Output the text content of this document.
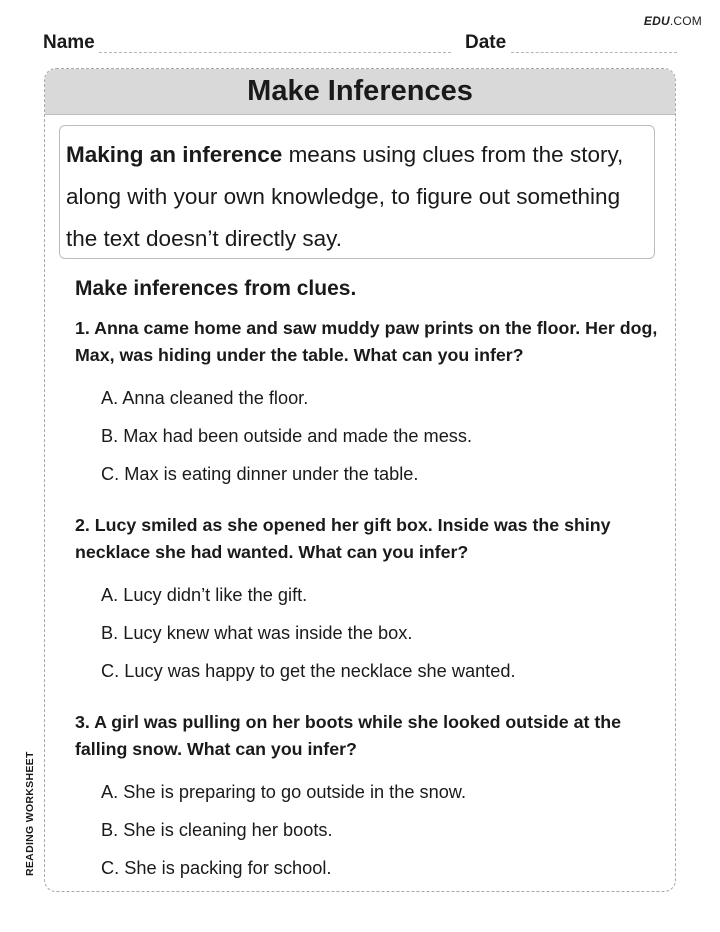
EDU.COM
Name	Date
Make Inferences
Making an inference means using clues from the story, along with your own knowledge, to figure out something the text doesn’t directly say.
Make inferences from clues.

1. Anna came home and saw muddy paw prints on the floor. Her dog, Max, was hiding under the table. What can you infer?

A. Anna cleaned the floor.
B. Max had been outside and made the mess.
C. Max is eating dinner under the table.

2. Lucy smiled as she opened her gift box. Inside was the shiny necklace she had wanted. What can you infer?

A. Lucy didn’t like the gift.
B. Lucy knew what was inside the box.
C. Lucy was happy to get the necklace she wanted.

3. A girl was pulling on her boots while she looked outside at the falling snow. What can you infer?

A. She is preparing to go outside in the snow.
B. She is cleaning her boots.
C. She is packing for school.
READING WORKSHEET
